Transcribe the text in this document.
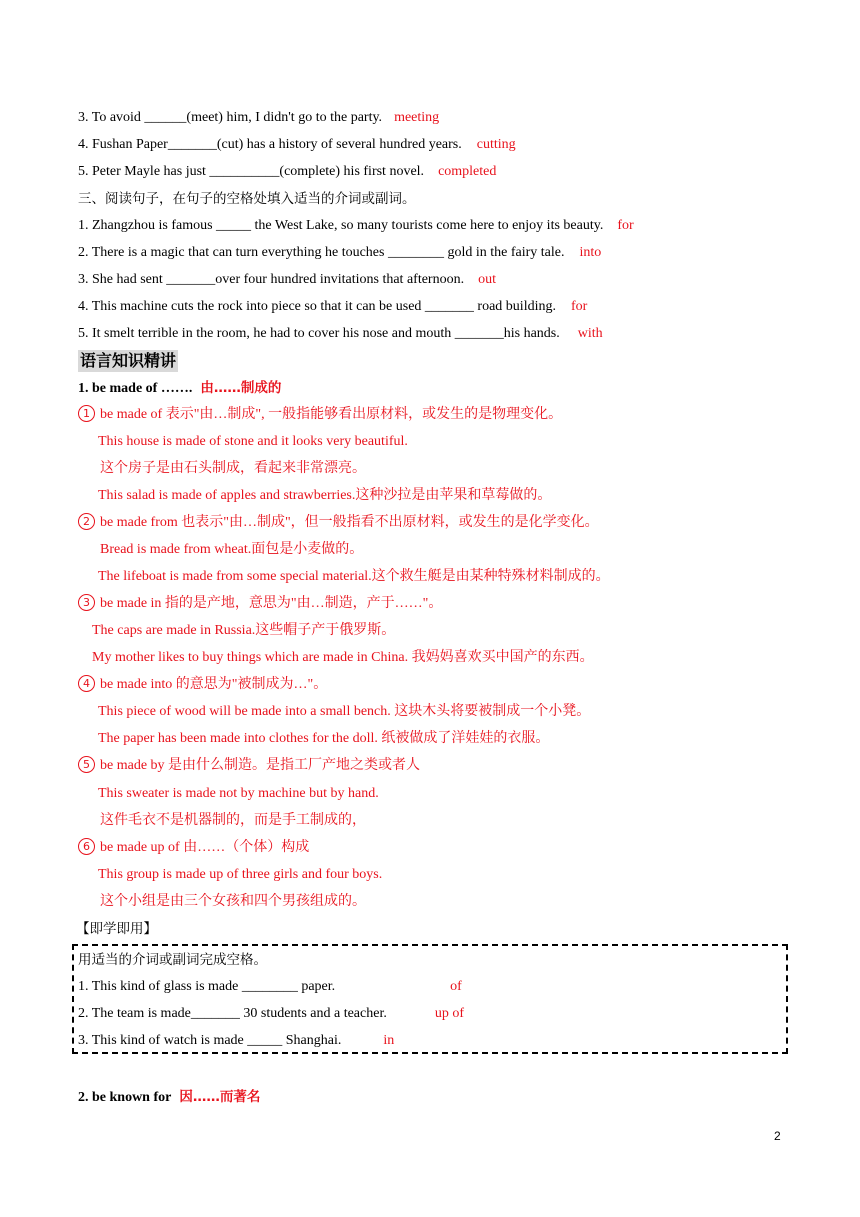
3. To avoid ______(meet) him, I didn't go to the party. meeting
4. Fushan Paper_______(cut) has a history of several hundred years. cutting
5. Peter Mayle has just __________(complete) his first novel. completed
三、阅读句子，在句子的空格处填入适当的介词或副词。
1. Zhangzhou is famous _____ the West Lake, so many tourists come here to enjoy its beauty. for
2. There is a magic that can turn everything he touches ________ gold in the fairy tale. into
3. She had sent _______over four hundred invitations that afternoon. out
4. This machine cuts the rock into piece so that it can be used _______ road building. for
5. It smelt terrible in the room, he had to cover his nose and mouth _______his hands. with
语言知识精讲
1. be made of ……. 由……制成的
1 be made of 表示"由…制成", 一般指能够看出原材料，或发生的是物理变化。
This house is made of stone and it looks very beautiful.
这个房子是由石头制成，看起来非常漂亮。
This salad is made of apples and strawberries.这种沙拉是由苹果和草莓做的。
2 be made from 也表示"由…制成"，但一般指看不出原材料，或发生的是化学变化。
Bread is made from wheat.面包是小麦做的。
The lifeboat is made from some special material.这个救生艇是由某种特殊材料制成的。
3 be made in 指的是产地，意思为"由…制造，产于……"。
The caps are made in Russia.这些帽子产于俄罗斯。
My mother likes to buy things which are made in China. 我妈妈喜欢买中国产的东西。
4 be made into 的意思为"被制成为…"。
This piece of wood will be made into a small bench. 这块木头将要被制成一个小凳。
The paper has been made into clothes for the doll. 纸被做成了洋娃娃的衣服。
5 be made by 是由什么制造。是指工厂产地之类或者人
This sweater is made not by machine but by hand.
这件毛衣不是机器制的，而是手工制成的，
6 be made up of 由……（个体）构成
This group is made up of three girls and four boys.
这个小组是由三个女孩和四个男孩组成的。
【即学即用】
用适当的介词或副词完成空格。
1. This kind of glass is made ________ paper.	of
2. The team is made_______ 30 students and a teacher.	up of
3. This kind of watch is made _____ Shanghai.	in
2. be known for 因……而著名
2
